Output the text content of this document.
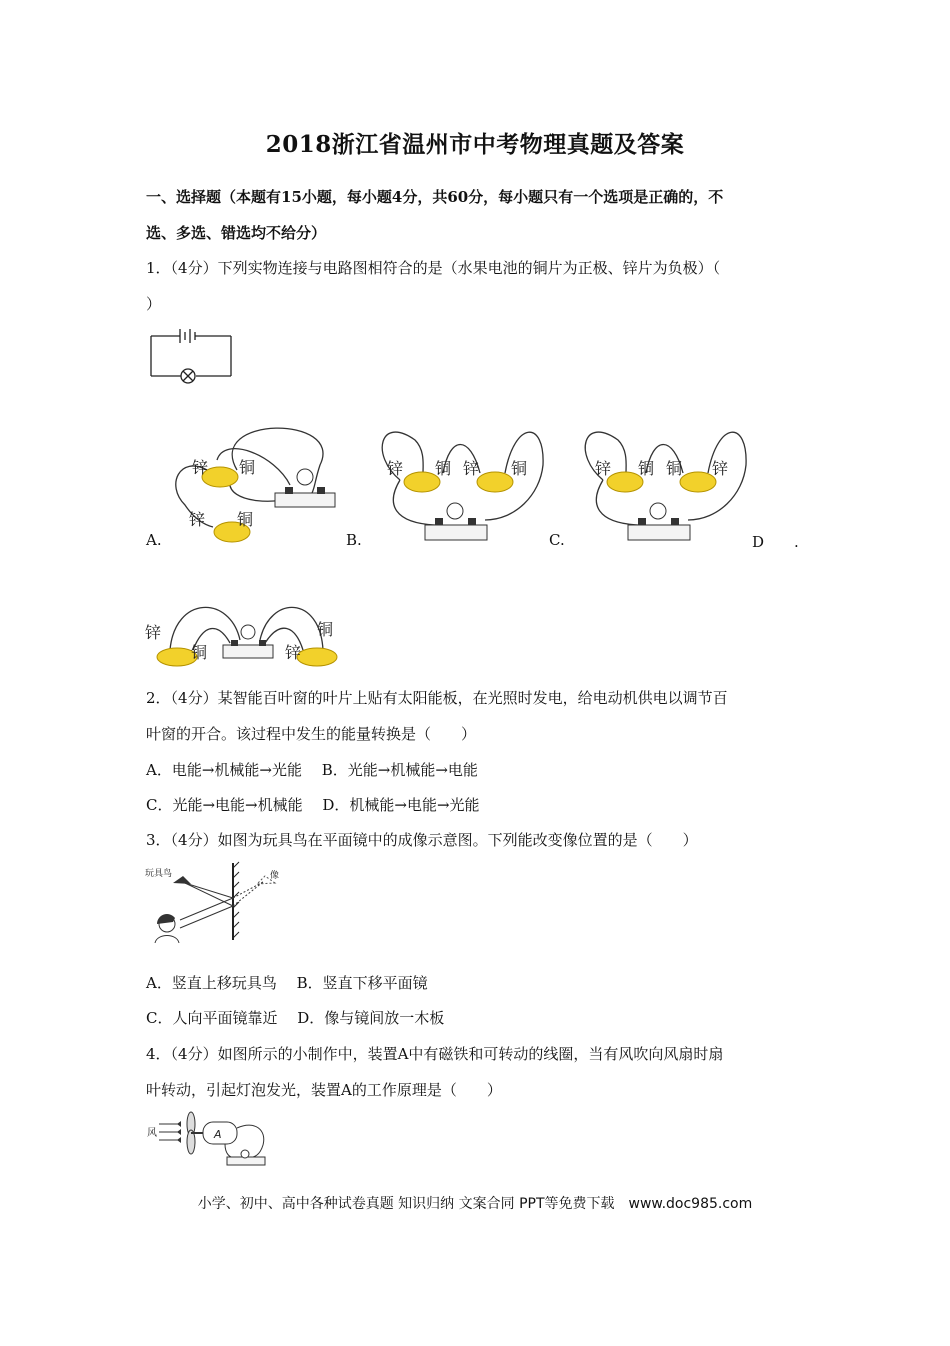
2018浙江省温州市中考物理真题及答案
一、选择题（本题有15小题，每小题4分，共60分，每小题只有一个选项是正确的，不
选、多选、错选均不给分）
1．（4分）下列实物连接与电路图相符合的是（水果电池的铜片为正极、锌片为负极）（
）
锌 铜
锌 铜
锌 铜 锌 铜	锌 铜 铜 锌
A.	B.	C.	D　　.
锌
铜	锌
铜
2．（4分）某智能百叶窗的叶片上贴有太阳能板，在光照时发电，给电动机供电以调节百
叶窗的开合。该过程中发生的能量转换是（　　）
A．电能→机械能→光能　 B．光能→机械能→电能
C．光能→电能→机械能　 D．机械能→电能→光能
3．（4分）如图为玩具鸟在平面镜中的成像示意图。下列能改变像位置的是（　　）
玩具鸟	像
A．竖直上移玩具鸟　 B．竖直下移平面镜
C．人向平面镜靠近　 D．像与镜间放一木板
4．（4分）如图所示的小制作中，装置A中有磁铁和可转动的线圈，当有风吹向风扇时扇
叶转动，引起灯泡发光，装置A的工作原理是（　　）
风	A
小学、初中、高中各种试卷真题 知识归纳 文案合同 PPT等免费下载　www.doc985.com
